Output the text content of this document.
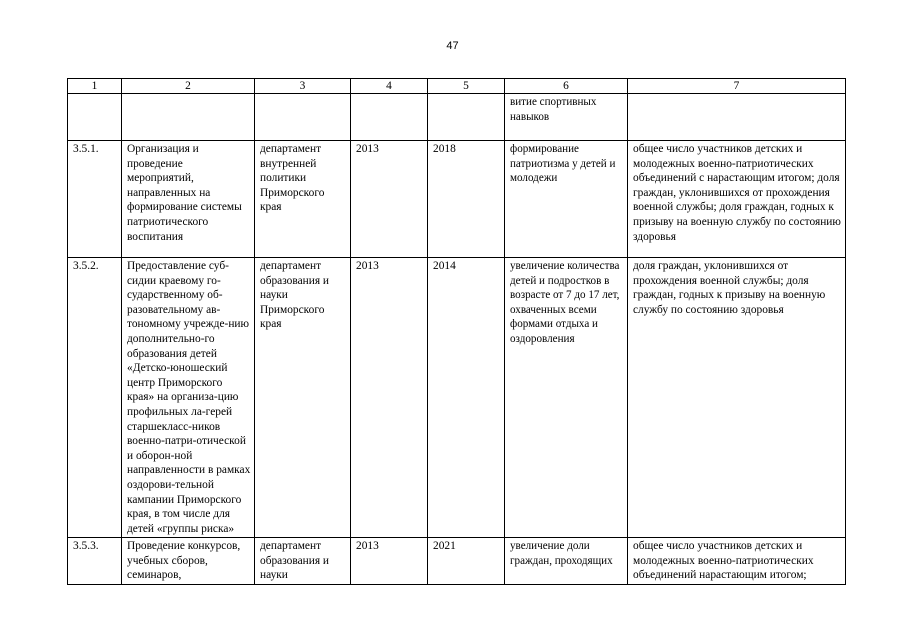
47
1	2	3	4	5	6	7
					витие спортивных навыков	
3.5.1.	Организация и проведение мероприятий, направленных на формирование системы патриотического воспитания	департамент внутренней политики Приморского края	2013	2018	формирование патриотизма у детей и молодежи	общее число участников детских и молодежных военно-патриотических объединений с нарастающим итогом; доля граждан, уклонившихся от прохождения военной службы; доля граждан, годных к призыву на военную службу по состоянию здоровья
3.5.2.	Предоставление суб-сидии краевому го-сударственному об-разовательному ав-тономному учрежде-нию дополнительно-го образования детей «Детско-юношеский центр Приморского края» на организа-цию профильных ла-герей старшекласс-ников военно-патри-отической и оборон-ной направленности в рамках оздорови-тельной кампании Приморского края, в том числе для детей «группы риска»	департамент образования и науки Приморского края	2013	2014	увеличение количества детей и подростков в возрасте от 7 до 17 лет, охваченных всеми формами отдыха и оздоровления	доля граждан, уклонившихся от прохождения военной службы; доля граждан, годных к призыву на военную службу по состоянию здоровья
3.5.3.	Проведение конкурсов, учебных сборов, семинаров,	департамент образования и науки	2013	2021	увеличение доли граждан, проходящих	общее число участников детских и молодежных военно-патриотических объединений нарастающим итогом;
